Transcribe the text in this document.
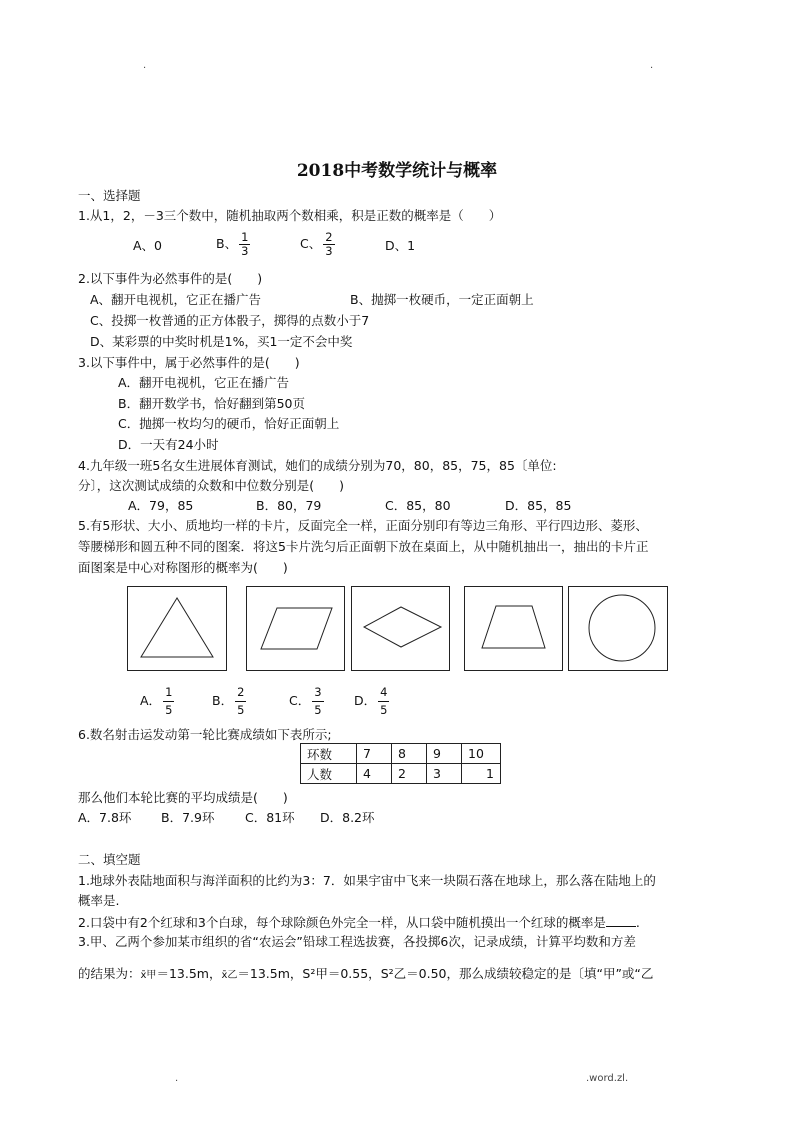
.	.
2018中考数学统计与概率
一、选择题
1.从1，2，－3三个数中，随机抽取两个数相乘，积是正数的概率是（　　）
A、0	B、 $\frac{1}{3}$	C、 $\frac{2}{3}$	D、1
2.以下事件为必然事件的是(　　)
A、翻开电视机，它正在播广告	B、抛掷一枚硬币，一定正面朝上
C、投掷一枚普通的正方体骰子，掷得的点数小于7
D、某彩票的中奖时机是1%，买1一定不会中奖
3.以下事件中，属于必然事件的是(　　)
A．翻开电视机，它正在播广告
B．翻开数学书，恰好翻到第50页
C．抛掷一枚均匀的硬币，恰好正面朝上
D．一天有24小时
4.九年级一班5名女生进展体育测试，她们的成绩分别为70，80，85，75，85〔单位:
分〕，这次测试成绩的众数和中位数分别是(　　)
A．79，85	B．80，79	C．85，80	D．85，85
5.有5形状、大小、质地均一样的卡片，反面完全一样，正面分别印有等边三角形、平行四边形、菱形、
等腰梯形和圆五种不同的图案．将这5卡片洗匀后正面朝下放在桌面上，从中随机抽出一，抽出的卡片正
面图案是中心对称图形的概率为(　　)
A． $\frac{1}{5}$	B． $\frac{2}{5}$	C． $\frac{3}{5}$ D． $\frac{4}{5}$
6.数名射击运发动第一轮比赛成绩如下表所示;
环数	7	8	9	10
人数	4	2	3	1
那么他们本轮比赛的平均成绩是(　　)
A．7.8环 B．7.9环 C．81环 D．8.2环
二、填空题
1.地球外表陆地面积与海洋面积的比约为3：7．如果宇宙中飞来一块陨石落在地球上，那么落在陆地上的
概率是.
2.口袋中有2个红球和3个白球，每个球除颜色外完全一样，从口袋中随机摸出一个红球的概率是 .
3.甲、乙两个参加某市组织的省“农运会”铅球工程选拔赛，各投掷6次，记录成绩，计算平均数和方差
的结果为：x̄甲＝13.5m，x̄乙＝13.5m，S²甲＝0.55，S²乙＝0.50，那么成绩较稳定的是〔填“甲”或“乙
.	.word.zl.
